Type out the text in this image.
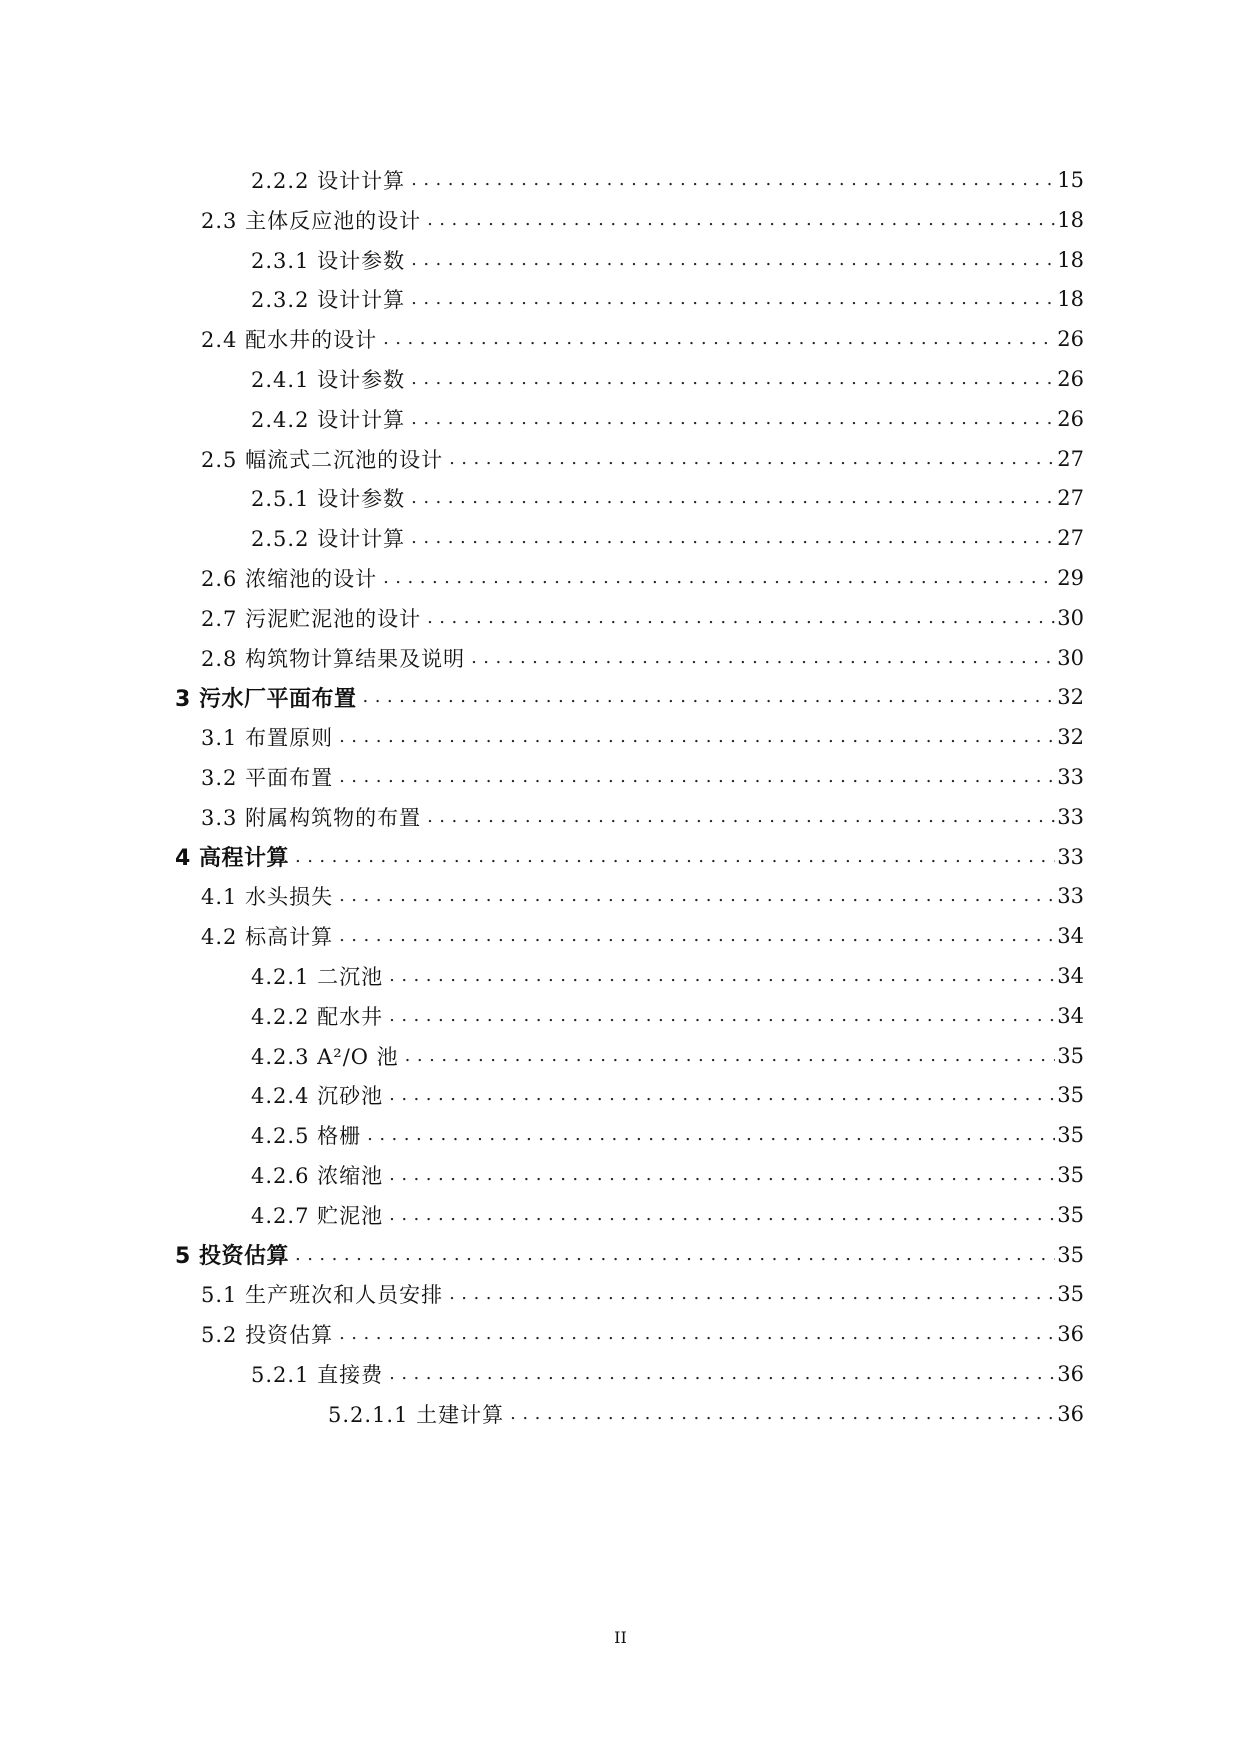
2.2.2 设计计算 .....	15
2.3 主体反应池的设计 .....	18
2.3.1 设计参数 .....	18
2.3.2 设计计算 .....	18
2.4 配水井的设计 .....	26
2.4.1 设计参数 .....	26
2.4.2 设计计算 .....	26
2.5 幅流式二沉池的设计 .....	27
2.5.1 设计参数 .....	27
2.5.2 设计计算 .....	27
2.6 浓缩池的设计 .....	29
2.7 污泥贮泥池的设计 .....	30
2.8 构筑物计算结果及说明 .....	30
3 污水厂平面布置 .....	32
3.1 布置原则 .....	32
3.2 平面布置 .....	33
3.3 附属构筑物的布置 .....	33
4 高程计算 .....	33
4.1 水头损失 .....	33
4.2 标高计算 .....	34
4.2.1 二沉池 .....	34
4.2.2 配水井 .....	34
4.2.3 A²/O 池 .....	35
4.2.4 沉砂池 .....	35
4.2.5 格栅 .....	35
4.2.6 浓缩池 .....	35
4.2.7 贮泥池 .....	35
5 投资估算 .....	35
5.1 生产班次和人员安排 .....	35
5.2 投资估算 .....	36
5.2.1 直接费 .....	36
5.2.1.1 土建计算 .....	36
II
